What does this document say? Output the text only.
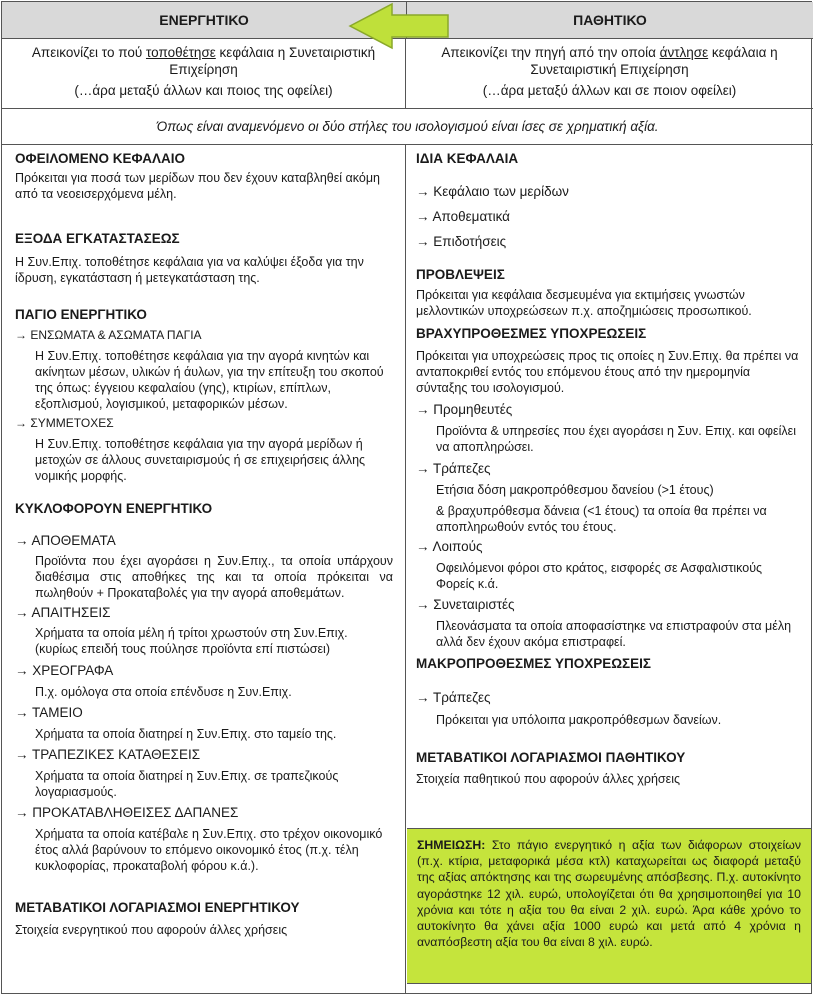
ΕΝΕΡΓΗΤΙΚΟ	ΠΑΘΗΤΙΚΟ

Απεικονίζει το πού τοποθέτησε κεφάλαια η Συνεταιριστική Επιχείρηση

(…άρα μεταξύ άλλων και ποιος της οφείλει)

Απεικονίζει την πηγή από την οποία άντλησε κεφάλαια η Συνεταιριστική Επιχείρηση

(…άρα μεταξύ άλλων και σε ποιον οφείλει)

Όπως είναι αναμενόμενο οι δύο στήλες του ισολογισμού είναι ίσες σε χρηματική αξία.

ΟΦΕΙΛΟΜΕΝΟ ΚΕΦΑΛΑΙΟ

Πρόκειται για ποσά των μερίδων που δεν έχουν καταβληθεί ακόμη από τα νεοεισερχόμενα μέλη.

ΕΞΟΔΑ ΕΓΚΑΤΑΣΤΑΣΕΩΣ

Η Συν.Επιχ. τοποθέτησε κεφάλαια για να καλύψει έξοδα για την ίδρυση, εγκατάσταση ή μετεγκατάσταση της.

ΠΑΓΙΟ ΕΝΕΡΓΗΤΙΚΟ

→ ΕΝΣΩΜΑΤΑ & ΑΣΩΜΑΤΑ ΠΑΓΙΑ

Η Συν.Επιχ. τοποθέτησε κεφάλαια για την αγορά κινητών και ακίνητων μέσων, υλικών ή άυλων, για την επίτευξη του σκοπού της όπως: έγγειου κεφαλαίου (γης), κτιρίων, επίπλων, εξοπλισμού, λογισμικού, μεταφορικών μέσων.

→ ΣΥΜΜΕΤΟΧΕΣ

Η Συν.Επιχ. τοποθέτησε κεφάλαια για την αγορά μερίδων ή μετοχών σε άλλους συνεταιρισμούς ή σε επιχειρήσεις άλλης νομικής μορφής.

ΚΥΚΛΟΦΟΡΟΥΝ ΕΝΕΡΓΗΤΙΚΟ

→ ΑΠΟΘΕΜΑΤΑ

Προϊόντα που έχει αγοράσει η Συν.Επιχ., τα οποία υπάρχουν διαθέσιμα στις αποθήκες της και τα οποία πρόκειται να πωληθούν + Προκαταβολές για την αγορά αποθεμάτων.

→ ΑΠΑΙΤΗΣΕΙΣ

Χρήματα τα οποία μέλη ή τρίτοι χρωστούν στη Συν.Επιχ. (κυρίως επειδή τους πούλησε προϊόντα επί πιστώσει)

→ ΧΡΕΟΓΡΑΦΑ

Π.χ. ομόλογα στα οποία επένδυσε η Συν.Επιχ.

→ ΤΑΜΕΙΟ

Χρήματα τα οποία διατηρεί η Συν.Επιχ. στο ταμείο της.

→ ΤΡΑΠΕΖΙΚΕΣ ΚΑΤΑΘΕΣΕΙΣ

Χρήματα τα οποία διατηρεί η Συν.Επιχ. σε τραπεζικούς λογαριασμούς.

→ ΠΡΟΚΑΤΑΒΛΗΘΕΙΣΕΣ ΔΑΠΑΝΕΣ

Χρήματα τα οποία κατέβαλε η Συν.Επιχ. στο τρέχον οικονομικό έτος αλλά βαρύνουν το επόμενο οικονομικό έτος (π.χ. τέλη κυκλοφορίας, προκαταβολή φόρου κ.ά.).

ΜΕΤΑΒΑΤΙΚΟΙ ΛΟΓΑΡΙΑΣΜΟΙ ΕΝΕΡΓΗΤΙΚΟΥ

Στοιχεία ενεργητικού που αφορούν άλλες χρήσεις

ΙΔΙΑ ΚΕΦΑΛΑΙΑ

→ Κεφάλαιο των μερίδων

→ Αποθεματικά

→ Επιδοτήσεις

ΠΡΟΒΛΕΨΕΙΣ

Πρόκειται για κεφάλαια δεσμευμένα για εκτιμήσεις γνωστών μελλοντικών υποχρεώσεων π.χ. αποζημιώσεις προσωπικού.

ΒΡΑΧΥΠΡΟΘΕΣΜΕΣ ΥΠΟΧΡΕΩΣΕΙΣ

Πρόκειται για υποχρεώσεις προς τις οποίες η Συν.Επιχ. θα πρέπει να ανταποκριθεί εντός του επόμενου έτους από την ημερομηνία σύνταξης του ισολογισμού.

→ Προμηθευτές

Προϊόντα & υπηρεσίες που έχει αγοράσει η Συν. Επιχ. και οφείλει να αποπληρώσει.

→ Τράπεζες

Ετήσια δόση μακροπρόθεσμου δανείου (>1 έτους)

& βραχυπρόθεσμα δάνεια (<1 έτους) τα οποία θα πρέπει να αποπληρωθούν εντός του έτους.

→ Λοιπούς

Οφειλόμενοι φόροι στο κράτος, εισφορές σε Ασφαλιστικούς Φορείς κ.ά.

→ Συνεταιριστές

Πλεονάσματα τα οποία αποφασίστηκε να επιστραφούν στα μέλη αλλά δεν έχουν ακόμα επιστραφεί.

ΜΑΚΡΟΠΡΟΘΕΣΜΕΣ ΥΠΟΧΡΕΩΣΕΙΣ

→ Τράπεζες

Πρόκειται για υπόλοιπα μακροπρόθεσμων δανείων.

ΜΕΤΑΒΑΤΙΚΟΙ ΛΟΓΑΡΙΑΣΜΟΙ ΠΑΘΗΤΙΚΟΥ

Στοιχεία παθητικού που αφορούν άλλες χρήσεις

ΣΗΜΕΙΩΣΗ: Στο πάγιο ενεργητικό η αξία των διάφορων στοιχείων (π.χ. κτίρια, μεταφορικά μέσα κτλ) καταχωρείται ως διαφορά μεταξύ της αξίας απόκτησης και της σωρευμένης απόσβεσης. Π.χ. αυτοκίνητο αγοράστηκε 12 χιλ. ευρώ, υπολογίζεται ότι θα χρησιμοποιηθεί για 10 χρόνια και τότε η αξία του θα είναι 2 χιλ. ευρώ. Άρα κάθε χρόνο το αυτοκίνητο θα χάνει αξία 1000 ευρώ και μετά από 4 χρόνια η αναπόσβεστη αξία του θα είναι 8 χιλ. ευρώ.
